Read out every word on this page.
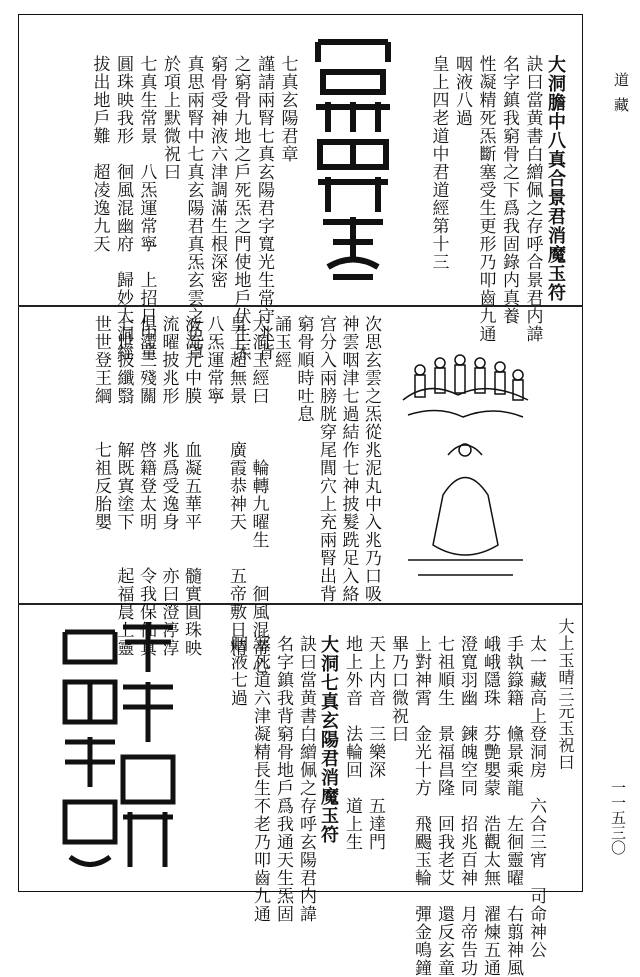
道藏
一一五三〇
大洞膽中八真合景君消魔玉符
訣曰當黄書白繒佩之存呼合景君内諱
名字鎮我窮骨之下爲我固錄内真養
性凝精死炁斷塞受生更形乃叩齒九通
咽液八過
皇上四老道中君道經第十三
七真玄陽君章
謹請兩腎七真玄陽君字寬光生常守兆背
之窮骨九地之戶死炁之門使地戶伏生炁
窮骨受神液六津調滿生根深密
真思兩腎中七真玄陽君真炁玄雲之色罩
於項上默微祝曰
七真生常景　八炁運常寧　上招日中童
圓珠映我形　徊風混幽府　歸妙大洞經
拔出地戶難　超凌逸九天
次思玄雲之炁從兆泥丸中入兆乃口吸
神雲咽津七過結作七神披髮跣足入絡
宫分入兩膀胱穿尾閭穴上充兩腎出背
窮骨順時吐息
誦玉經
大洞玉經曰　　　輪轉九曜生　　徊風混帝心
皇上超無景　　廣霞恭神天　　五帝敷日精
八炁運常寧
液流元中膜　　血凝五華平　　髓實圓珠映
流曜披兆形　　兆爲受逸身　　亦曰澄渟淳
俱滯三殘關　　啓籍登太明　　令我保仙真
七世披纖翳　　解既寘塗下　　起福晨上靈
世世登王綱　　七祖反胎嬰
太一藏高上登洞房　六合三宵　司命神公
手執籙籍　儵景乘龍　左徊靈曜　右翦神風
峨峨隱珠　芬艷嬰蒙　浩觀太無　濯煉五通
澄寬羽幽　鍊魄空同　招兆百神　月帝告功
七祖順生　景福昌隆　回我老艾　還反玄童
上對神霄　金光十方　飛颺玉輪　彈金鳴鐘
畢乃口微祝曰
天上内音　三樂深　五達門
地上外音　法輪回　道上生
大洞七真玄陽君消魔玉符
訣曰當黄書白繒佩之存呼玄陽君内諱
名字鎮我背窮骨地戶爲我通天生炁固
塞死道六津凝精長生不老乃叩齒九通
咽液七過	大上玉晴三元玉祝曰
